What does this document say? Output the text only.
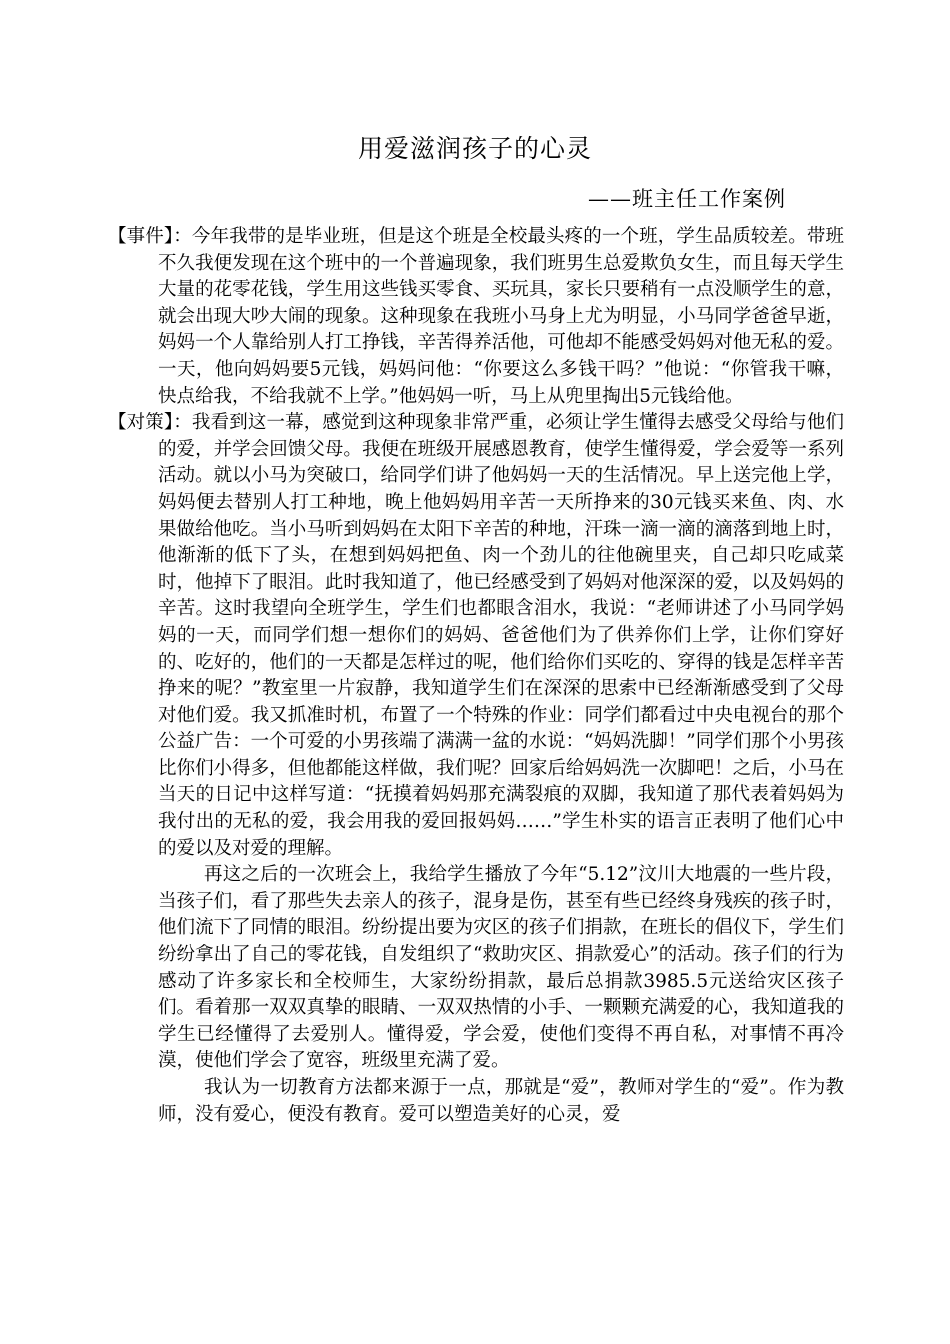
用爱滋润孩子的心灵
——班主任工作案例

【事件】：今年我带的是毕业班，但是这个班是全校最头疼的一个班，学生品质较差。带班不久我便发现在这个班中的一个普遍现象，我们班男生总爱欺负女生，而且每天学生大量的花零花钱，学生用这些钱买零食、买玩具，家长只要稍有一点没顺学生的意，就会出现大吵大闹的现象。这种现象在我班小马身上尤为明显，小马同学爸爸早逝，妈妈一个人靠给别人打工挣钱，辛苦得养活他，可他却不能感受妈妈对他无私的爱。一天，他向妈妈要5元钱，妈妈问他：“你要这么多钱干吗？”他说：“你管我干嘛，快点给我，不给我就不上学。”他妈妈一听，马上从兜里掏出5元钱给他。

【对策】：我看到这一幕，感觉到这种现象非常严重，必须让学生懂得去感受父母给与他们的爱，并学会回馈父母。我便在班级开展感恩教育，使学生懂得爱，学会爱等一系列活动。就以小马为突破口，给同学们讲了他妈妈一天的生活情况。早上送完他上学，妈妈便去替别人打工种地，晚上他妈妈用辛苦一天所挣来的30元钱买来鱼、肉、水果做给他吃。当小马听到妈妈在太阳下辛苦的种地，汗珠一滴一滴的滴落到地上时，他渐渐的低下了头，在想到妈妈把鱼、肉一个劲儿的往他碗里夹，自己却只吃咸菜时，他掉下了眼泪。此时我知道了，他已经感受到了妈妈对他深深的爱，以及妈妈的辛苦。这时我望向全班学生，学生们也都眼含泪水，我说：“老师讲述了小马同学妈妈的一天，而同学们想一想你们的妈妈、爸爸他们为了供养你们上学，让你们穿好的、吃好的，他们的一天都是怎样过的呢，他们给你们买吃的、穿得的钱是怎样辛苦挣来的呢？”教室里一片寂静，我知道学生们在深深的思索中已经渐渐感受到了父母对他们爱。我又抓准时机，布置了一个特殊的作业：同学们都看过中央电视台的那个公益广告：一个可爱的小男孩端了满满一盆的水说：“妈妈洗脚！”同学们那个小男孩比你们小得多，但他都能这样做，我们呢？回家后给妈妈洗一次脚吧！之后，小马在当天的日记中这样写道：“抚摸着妈妈那充满裂痕的双脚，我知道了那代表着妈妈为我付出的无私的爱，我会用我的爱回报妈妈……”学生朴实的语言正表明了他们心中的爱以及对爱的理解。

再这之后的一次班会上，我给学生播放了今年“5.12”汶川大地震的一些片段，当孩子们，看了那些失去亲人的孩子，混身是伤，甚至有些已经终身残疾的孩子时，他们流下了同情的眼泪。纷纷提出要为灾区的孩子们捐款，在班长的倡仪下，学生们纷纷拿出了自己的零花钱，自发组织了“救助灾区、捐款爱心”的活动。孩子们的行为感动了许多家长和全校师生，大家纷纷捐款，最后总捐款3985.5元送给灾区孩子们。看着那一双双真挚的眼睛、一双双热情的小手、一颗颗充满爱的心，我知道我的学生已经懂得了去爱别人。懂得爱，学会爱，使他们变得不再自私，对事情不再冷漠，使他们学会了宽容，班级里充满了爱。

我认为一切教育方法都来源于一点，那就是“爱”，教师对学生的“爱”。作为教师，没有爱心，便没有教育。爱可以塑造美好的心灵，爱
